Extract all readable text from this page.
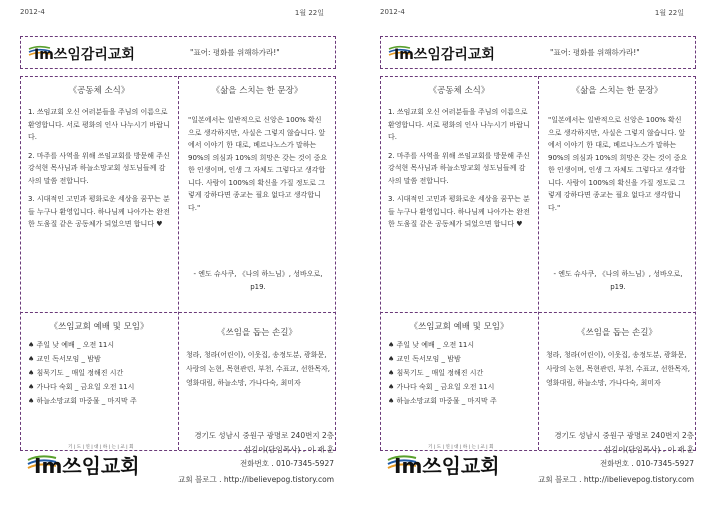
2012-4	1월 22일
Im쓰임감리교회	"표어: 평화를 위해하가라!"
《공동체 소식》
1. 쓰임교회 오신 여러분들을 주님의 이름으로 환영합니다. 서로 평화의 인사 나누시기 바랍니다.
2. 마주를 사역을 위해 쓰임교회를 방문해 주신 강석현 목사님과 하늘소망교회 성도님들께 감사의 말씀 전합니다.
3. 시대적인 고민과 평화로운 세상을 꿈꾸는 분들 누구나 환영입니다. 하나님께 나아가는 완전한 도움질 같은 공동체가 되었으면 합니다 ♥
《삶을 스치는 한 문장》
"일본에서는 일반적으로 신앙은 100% 확신으로 생각하지만, 사실은 그렇지 않습니다. 앞에서 이야기 한 대로, 베르나노스가 말하는 90%의 의심과 10%의 희망은 갖는 것이 중요한 인생이며, 인생 그 자체도 그렇다고 생각합니다. 사람이 100%의 확신을 가질 정도로 그렇게 강하다면 종교는 필요 없다고 생각합니다."
- 엔도 슈사쿠, 《나의 하느님》, 성바오로, p19.
《쓰임교회 예배 및 모임》
♠ 주일 낮 예배 _ 오전 11시
♠ 교인 독서모임 _ 밤밤
♠ 침묵기도 _ 매일 정해진 시간
♠ 가나다 숙회 _ 금요일 오전 11시
♠ 하늘소망교회 마중물 _ 마지막 주
《쓰임을 돕는 손길》
청라, 청라(어린이), 이웃집, 송정도분, 광화문, 사랑의 논현, 목현관린, 부천, 수표교, 선한목자, 영화대림, 하늘소망, 가나다숙, 최미자
경기도 성남시 중원구 광명로 240번지 2층
섬김이(담임목사) . 이 재 훈
전화번호 . 010-7345-5927
교회 블로그 . http://ibelievepog.tistory.com
기 | 도 | 연 | 대 | 하 | 는 | 교 | 회
Im쓰임교회
2012-4	1월 22일
Im쓰임감리교회	"표어: 평화를 위해하가라!"
《공동체 소식》
1. 쓰임교회 오신 여러분들을 주님의 이름으로 환영합니다. 서로 평화의 인사 나누시기 바랍니다.
2. 마주를 사역을 위해 쓰임교회를 방문해 주신 강석현 목사님과 하늘소망교회 성도님들께 감사의 말씀 전합니다.
3. 시대적인 고민과 평화로운 세상을 꿈꾸는 분들 누구나 환영입니다. 하나님께 나아가는 완전한 도움질 같은 공동체가 되었으면 합니다 ♥
《삶을 스치는 한 문장》
"일본에서는 일반적으로 신앙은 100% 확신으로 생각하지만, 사실은 그렇지 않습니다. 앞에서 이야기 한 대로, 베르나노스가 말하는 90%의 의심과 10%의 희망은 갖는 것이 중요한 인생이며, 인생 그 자체도 그렇다고 생각합니다. 사람이 100%의 확신을 가질 정도로 그렇게 강하다면 종교는 필요 없다고 생각합니다."
- 엔도 슈사쿠, 《나의 하느님》, 성바오로, p19.
《쓰임교회 예배 및 모임》
♠ 주일 낮 예배 _ 오전 11시
♠ 교인 독서모임 _ 밤밤
♠ 침묵기도 _ 매일 정해진 시간
♠ 가나다 숙회 _ 금요일 오전 11시
♠ 하늘소망교회 마중물 _ 마지막 주
《쓰임을 돕는 손길》
청라, 청라(어린이), 이웃집, 송정도분, 광화문, 사랑의 논현, 목현관린, 부천, 수표교, 선한목자, 영화대림, 하늘소망, 가나다숙, 최미자
경기도 성남시 중원구 광명로 240번지 2층
섬김이(담임목사) . 이 재 훈
전화번호 . 010-7345-5927
교회 블로그 . http://ibelievepog.tistory.com
기 | 도 | 연 | 대 | 하 | 는 | 교 | 회
Im쓰임교회
